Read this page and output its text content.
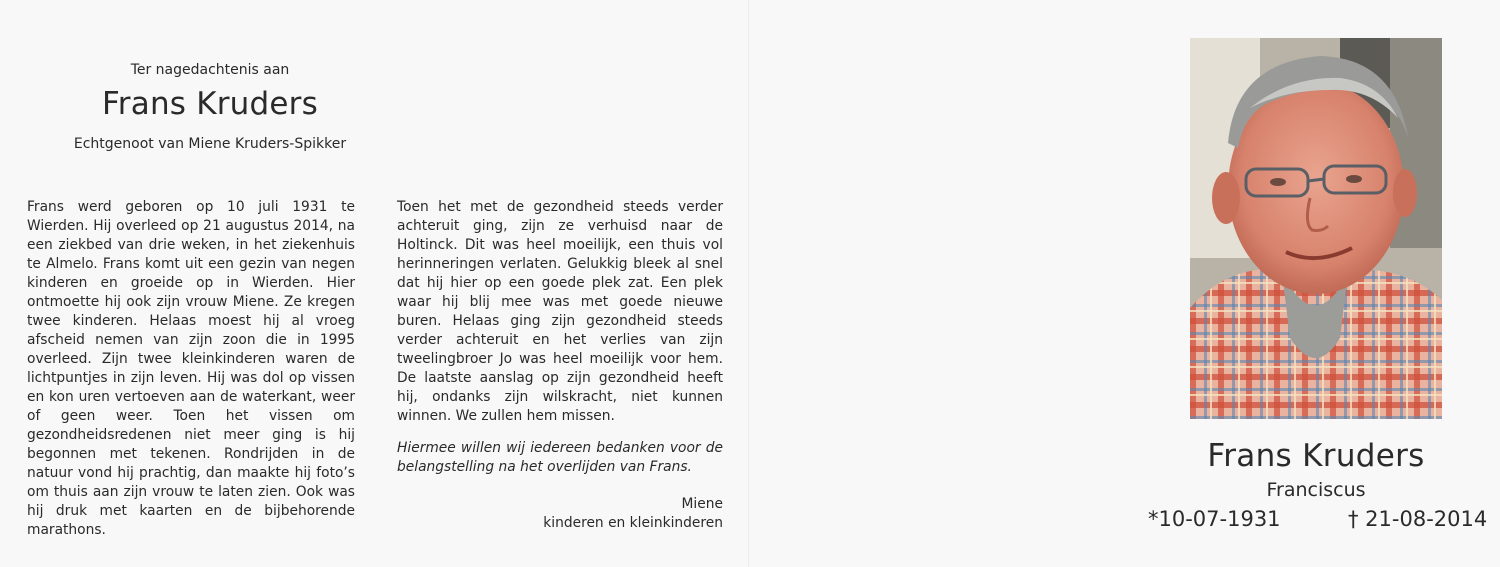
Ter nagedachtenis aan
Frans Kruders
Echtgenoot van Miene Kruders-Spikker
Frans werd geboren op 10 juli 1931 te Wierden. Hij overleed op 21 augustus 2014, na een ziekbed van drie weken, in het ziekenhuis te Almelo. Frans komt uit een gezin van negen kinderen en groeide op in Wierden. Hier ontmoette hij ook zijn vrouw Miene. Ze kregen twee kinderen. Helaas moest hij al vroeg afscheid nemen van zijn zoon die in 1995 overleed. Zijn twee kleinkinderen waren de lichtpuntjes in zijn leven. Hij was dol op vissen en kon uren vertoeven aan de waterkant, weer of geen weer. Toen het vissen om gezondheidsredenen niet meer ging is hij begonnen met tekenen. Rondrijden in de natuur vond hij prachtig, dan maakte hij foto’s om thuis aan zijn vrouw te laten zien. Ook was hij druk met kaarten en de bijbehorende marathons.
Toen het met de gezondheid steeds verder achteruit ging, zijn ze verhuisd naar de Holtinck. Dit was heel moeilijk, een thuis vol herinneringen verlaten. Gelukkig bleek al snel dat hij hier op een goede plek zat. Een plek waar hij blij mee was met goede nieuwe buren. Helaas ging zijn gezondheid steeds verder achteruit en het verlies van zijn tweelingbroer Jo was heel moeilijk voor hem. De laatste aanslag op zijn gezondheid heeft hij, ondanks zijn wilskracht, niet kunnen winnen. We zullen hem missen.
Hiermee willen wij iedereen bedanken voor de belangstelling na het overlijden van Frans.
Miene
kinderen en kleinkinderen
Frans Kruders
Franciscus
*10-07-1931	† 21-08-2014
